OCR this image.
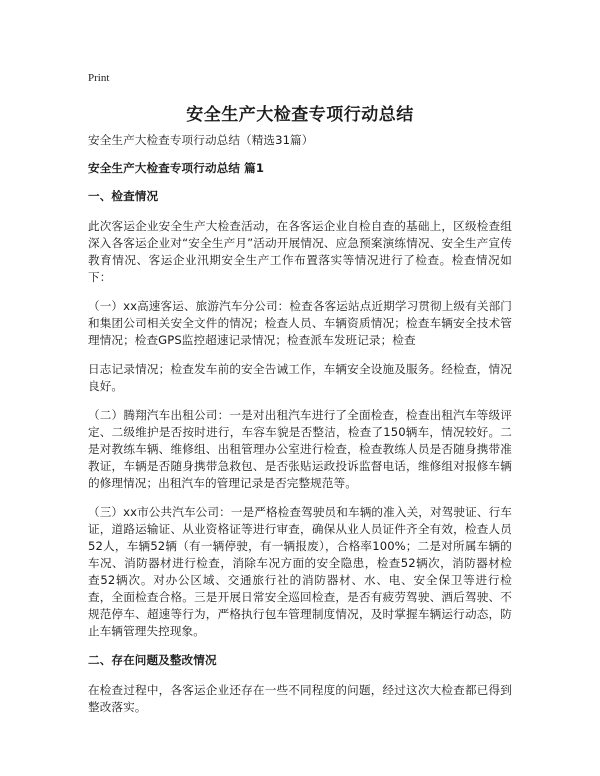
Print
安全生产大检查专项行动总结

安全生产大检查专项行动总结（精选31篇）

安全生产大检查专项行动总结 篇1

一、检查情况

此次客运企业安全生产大检查活动，在各客运企业自检自查的基础上，区级检查组深入各客运企业对“安全生产月”活动开展情况、应急预案演练情况、安全生产宣传教育情况、客运企业汛期安全生产工作布置落实等情况进行了检查。检查情况如下：

（一）xx高速客运、旅游汽车分公司：检查各客运站点近期学习贯彻上级有关部门和集团公司相关安全文件的情况；检查人员、车辆资质情况；检查车辆安全技术管理情况；检查GPS监控超速记录情况；检查派车发班记录；检查

日志记录情况；检查发车前的安全告诫工作，车辆安全设施及服务。经检查，情况良好。

（二）腾翔汽车出租公司：一是对出租汽车进行了全面检查，检查出租汽车等级评定、二级维护是否按时进行，车容车貌是否整洁，检查了150辆车，情况较好。二是对教练车辆、维修组、出租管理办公室进行检查，检查教练人员是否随身携带准教证，车辆是否随身携带急救包、是否张贴运政投诉监督电话，维修组对报修车辆的修理情况；出租汽车的管理记录是否完整规范等。

（三）xx市公共汽车公司：一是严格检查驾驶员和车辆的准入关，对驾驶证、行车证，道路运输证、从业资格证等进行审查，确保从业人员证件齐全有效，检查人员52人，车辆52辆（有一辆停驶，有一辆报废），合格率100%；二是对所属车辆的车况、消防器材进行检查，消除车况方面的安全隐患，检查52辆次，消防器材检查52辆次。对办公区域、交通旅行社的消防器材、水、电、安全保卫等进行检查，全面检查合格。三是开展日常安全巡回检查，是否有疲劳驾驶、酒后驾驶、不规范停车、超速等行为，严格执行包车管理制度情况，及时掌握车辆运行动态，防止车辆管理失控现象。

二、存在问题及整改情况

在检查过程中，各客运企业还存在一些不同程度的问题，经过这次大检查都已得到整改落实。
